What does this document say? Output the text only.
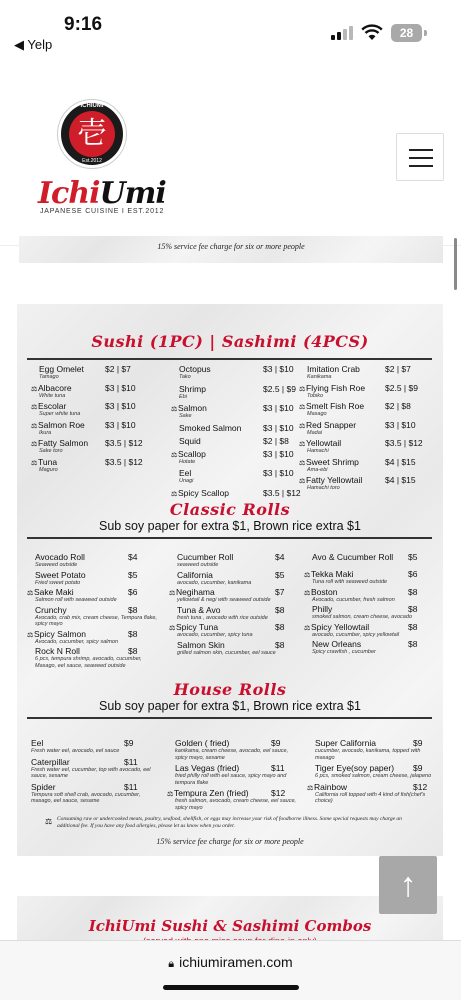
9:16
◀ Yelp
28
ICHIUMI
壱
Est.2012
IchiUmi
JAPANESE CUISINE I EST.2012
15% service fee charge for six or more people
Sushi (1PC) | Sashimi (4PCS)
Egg Omelet $2 | $7
Tamago
⚖Albacore	$3 | $10
White tuna
⚖Escolar	$3 | $10
Super white tuna
⚖Salmon Roe $3 | $10
Ikura
⚖Fatty Salmon $3.5 | $12
Sake toro
⚖Tuna	$3.5 | $12
Maguro
Octopus	$3 | $10
Tako
Shrimp	$2.5 | $9
Ebi
⚖Salmon	$3 | $10
Sake
Smoked Salmon	$3 | $10
Squid	$2 | $8
⚖Scallop	$3 | $10
Hotate
Eel	$3 | $10
Unagi
⚖Spicy Scallop	$3.5 | $12
Imitation Crab	$2 | $7
Kanikama
⚖Flying Fish Roe $2.5 | $9
Tobiko
⚖Smelt Fish Roe $2 | $8
Masago
⚖Red Snapper	$3 | $10
Madai
⚖Yellowtail	$3.5 | $12
Hamachi
⚖Sweet Shrimp	$4 | $15
Ama-ebi
⚖Fatty Yellowtail	$4 | $15
Hamachi toro
Classic Rolls
Sub soy paper for extra $1, Brown rice extra $1
Avocado Roll	$4
Seaweed outside
Sweet Potato	$5
Fried sweet potato
⚖Sake Maki	$6
Salmon roll with seaweed outside
Crunchy	$8
Avocado, crab mix, cream cheese, Tempura flake, spicy mayo
⚖Spicy Salmon	$8
Avocado, cucumber, spicy salmon
Rock N Roll	$8
6 pcs, tempura shrimp, avocado, cucumber, Masago, eel sauce, seaweed outside
Cucumber Roll	$4
seaweed outside
California	$5
avocado, cucumber, kanikama
⚖Negihama	$7
yellowtail & negi with seaweed outside
Tuna & Avo	$8
fresh tuna , avocado with rice outside
⚖Spicy Tuna	$8
avocado, cucumber, spicy tuna
Salmon Skin	$8
grilled salmon skin, cucumber, eel sauce
Avo & Cucumber Roll $5
⚖Tekka Maki	$6
Tuna roll with seaweed outside
⚖Boston	$8
Avocado, cucumber, fresh salmon
Philly	$8
smoked salmon, cream cheese, avocado
⚖Spicy Yellowtail	$8
avocado, cucumber, spicy yellowtail
New Orleans	$8
Spicy crawfish , cucumber
House Rolls
Sub soy paper for extra $1, Brown rice extra $1
Eel	$9
Fresh water eel, avocado, eel sauce
Caterpillar	$11
Fresh water eel, cucumber, top with avocado, eel sauce, sesame
Spider	$11
Tempura soft shell crab, avocado, cucumber, masago, eel sauce, sesame
Golden ( fried)	$9
kanikama, cream cheese, avocado, eel sauce, spicy mayo, sesame
Las Vegas (fried)	$11
fried philly roll with eel sauce, spicy mayo and tempura flake
⚖Tempura Zen (fried)	$12
fresh salmon, avocado, cream cheese, eel sauce, spicy mayo
Super California	$9
cucumber, avocado, kanikama, topped with masago
Tiger Eye(soy paper) $9
6 pcs, smoked salmon, cream cheese, jalapeno
⚖Rainbow	$12
California roll topped with 4 kind of fish(chef's choice)
⚖ Consuming raw or undercooked meats, poultry, seafood, shellfish, or eggs may increase your risk of foodborne illness. Some special requests may charge an additional fee. If you have any food allergies, please let us know when you order.
15% service fee charge for six or more people
IchiUmi Sushi & Sashimi Combos
↑
🔒︎ ichiumiramen.com
